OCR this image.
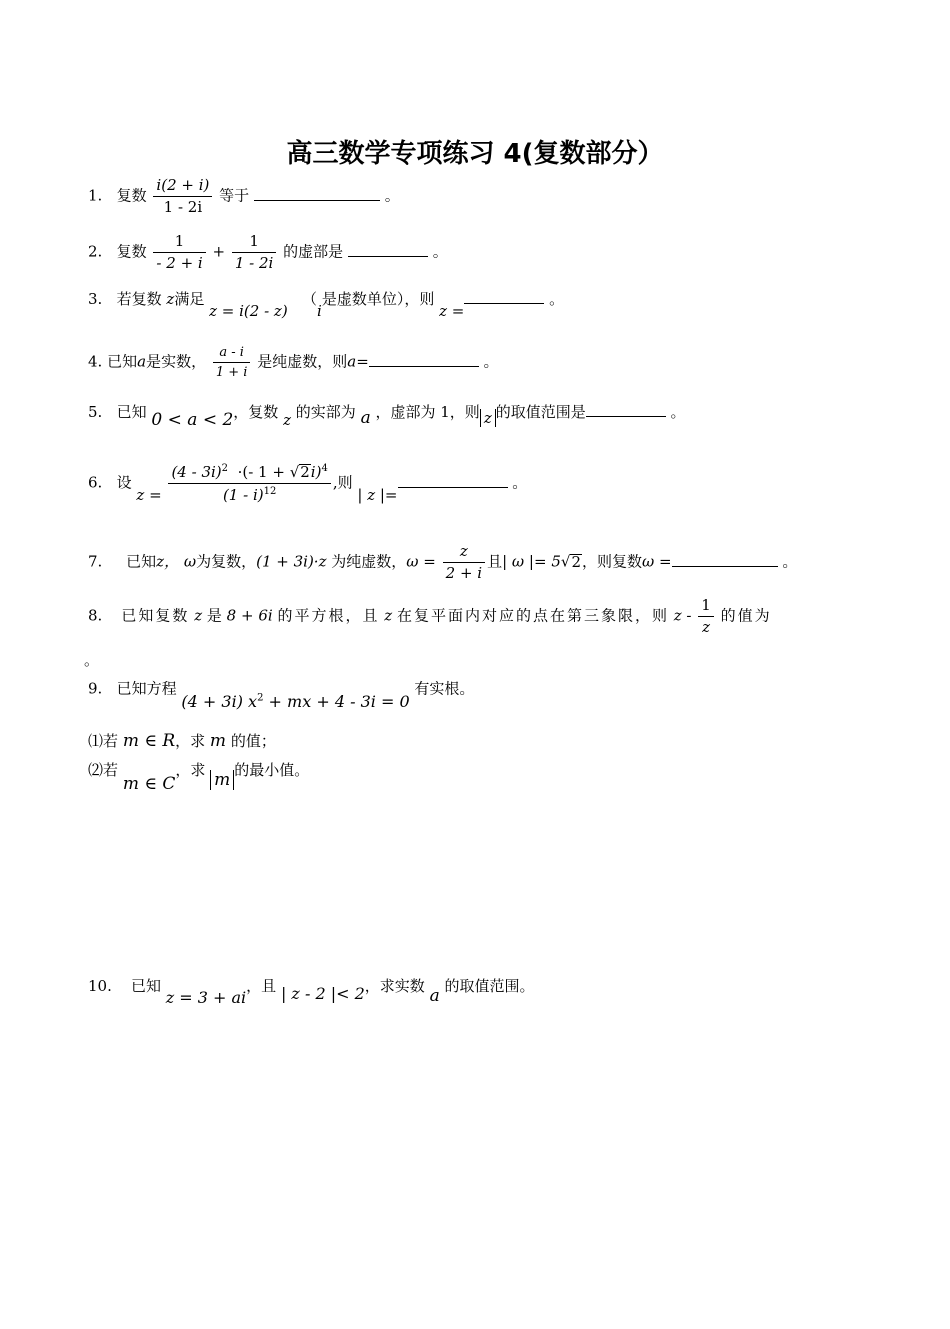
高三数学专项练习 4(复数部分）
1. 复数 $\frac{i(2 + i)}{1 - 2i}$ 等于	。
2. 复数 $\frac{1}{- 2 + i} + \frac{1}{1 - 2i}$ 的虚部是	。
3. 若复数 z满足 z = i(2 - z)   （i是虚数单位），则 z = 。
4. 已知a是实数， $\frac{a - i}{1 + i}$ 是纯虚数，则a=	。
5. 已知 0 < a < 2，复数 z 的实部为 a ，虚部为 1，则 z 的取值范围是	。
6. 设 $z = \frac{(4 - 3i)^2 \cdot(- 1 + √2i)^4}{(1 - i)^{12}}$ ,则 | z |= 。
7. 已知z， ω为复数，(1 + 3i)·z 为纯虚数，$\omega = \frac{z}{2 + i}$ 且| ω |= 5√2，则复数ω =	。
8. 已知复数 z 是 8 + 6i 的平方根，且 z 在复平面内对应的点在第三象限，则 z - $\frac{1}{z}$ 的值为
。
9. 已知方程 (4 + 3i) $x^2$ + mx + 4 - 3i = 0 有实根。
⑴若 m ∈ R，求 m 的值；
⑵若 m ∈ C，求 m 的最小值。
10. 已知 z = 3 + ai，且 | z - 2 |< 2，求实数 a 的取值范围。
